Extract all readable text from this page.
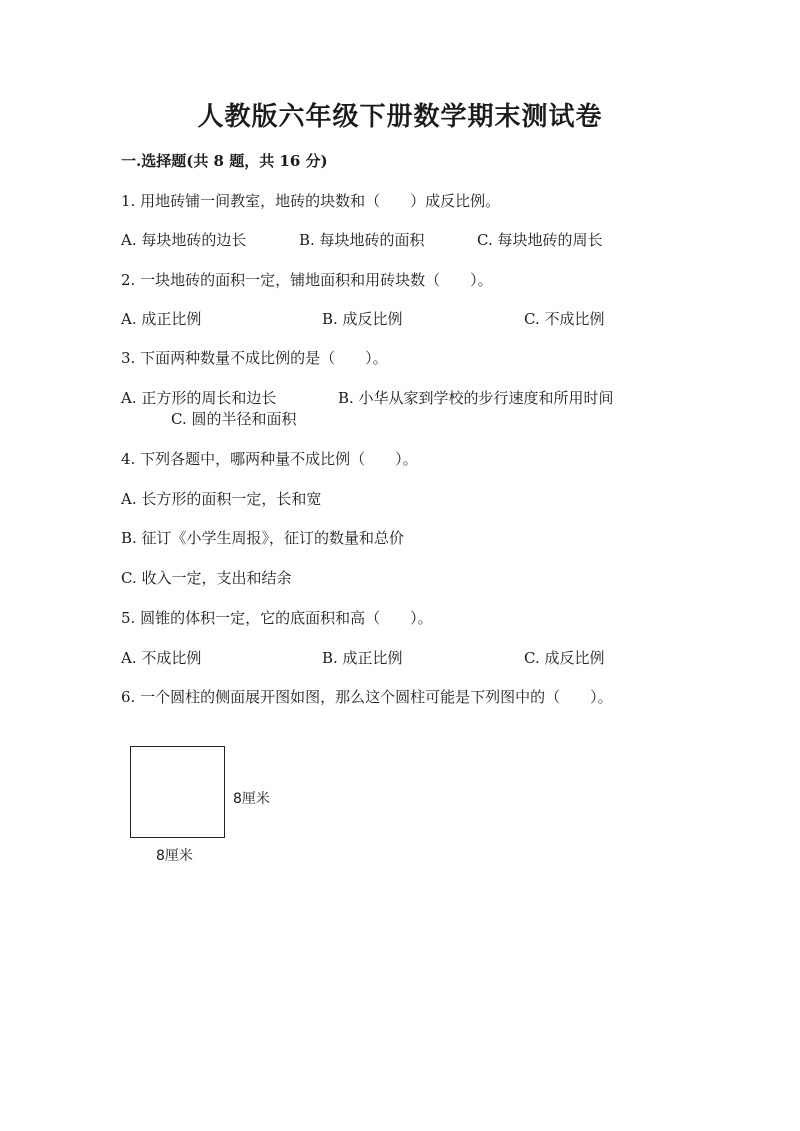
人教版六年级下册数学期末测试卷
一.选择题(共 8 题，共 16 分)
1. 用地砖铺一间教室，地砖的块数和（　　）成反比例。
A. 每块地砖的边长	B. 每块地砖的面积	C. 每块地砖的周长
2. 一块地砖的面积一定，铺地面积和用砖块数（　　）。
A. 成正比例	B. 成反比例	C. 不成比例
3. 下面两种数量不成比例的是（　　）。
A. 正方形的周长和边长	B. 小华从家到学校的步行速度和所用时间
C. 圆的半径和面积
4. 下列各题中，哪两种量不成比例（　　）。
A. 长方形的面积一定，长和宽
B. 征订《小学生周报》，征订的数量和总价
C. 收入一定，支出和结余
5. 圆锥的体积一定，它的底面积和高（　　）。
A. 不成比例	B. 成正比例	C. 成反比例
6. 一个圆柱的侧面展开图如图，那么这个圆柱可能是下列图中的（　　）。
8厘米
8厘米
